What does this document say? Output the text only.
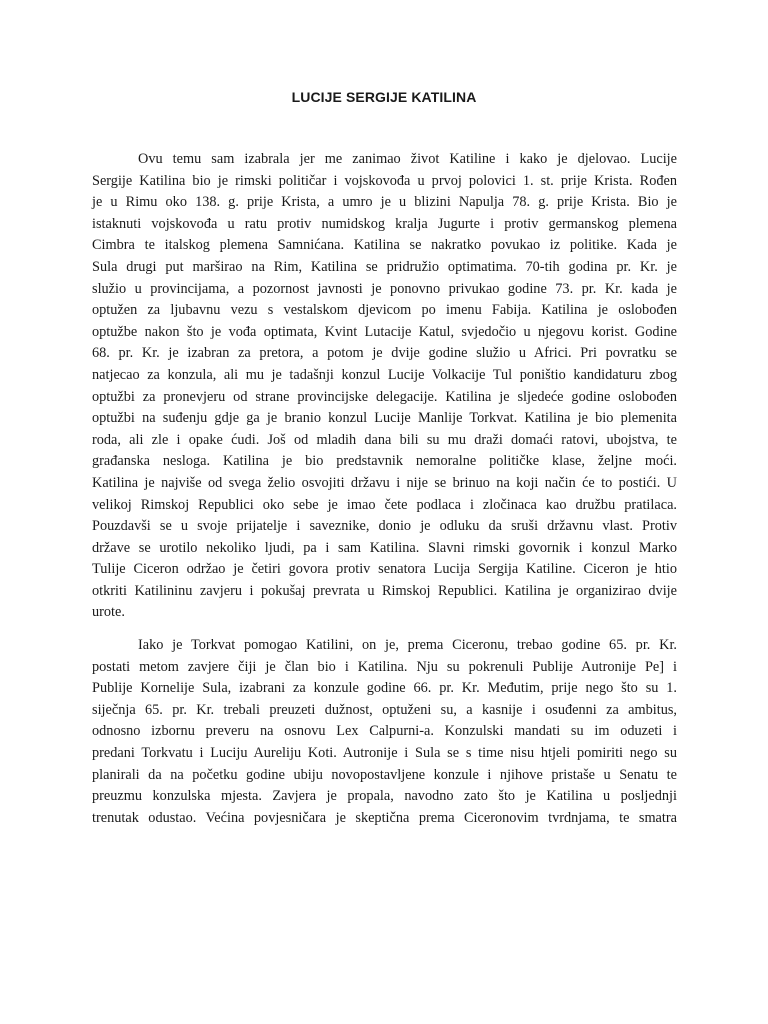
LUCIJE SERGIJE KATILINA
Ovu temu sam izabrala jer me zanimao život Katiline i kako je djelovao. Lucije
Sergije Katilina bio je rimski političar i vojskovođa u prvoj polovici 1. st. prije Krista. Rođen
je u Rimu oko 138. g. prije Krista, a umro je u blizini Napulja 78. g. prije Krista. Bio je
istaknuti vojskovođa u ratu protiv numidskog kralja Jugurte i protiv germanskog plemena
Cimbra te italskog plemena Samnićana. Katilina se nakratko povukao iz politike. Kada je
Sula drugi put marširao na Rim, Katilina se pridružio optimatima. 70-tih godina pr. Kr. je
služio u provincijama, a pozornost javnosti je ponovno privukao godine 73. pr. Kr. kada je
optužen za ljubavnu vezu s vestalskom djevicom po imenu Fabija. Katilina je oslobođen
optužbe nakon što je vođa optimata, Kvint Lutacije Katul, svjedočio u njegovu korist. Godine
68. pr. Kr. je izabran za pretora, a potom je dvije godine služio u Africi. Pri povratku se
natjecao za konzula, ali mu je tadašnji konzul Lucije Volkacije Tul poništio kandidaturu zbog
optužbi za pronevjeru od strane provincijske delegacije. Katilina je sljedeće godine oslobođen
optužbi na suđenju gdje ga je branio konzul Lucije Manlije Torkvat. Katilina je bio plemenita
roda, ali zle i opake ćudi. Još od mladih dana bili su mu draži domaći ratovi, ubojstva, te
građanska nesloga. Katilina je bio predstavnik nemoralne političke klase, željne moći.
Katilina je najviše od svega želio osvojiti državu i nije se brinuo na koji način će to postići. U
velikoj Rimskoj Republici oko sebe je imao čete podlaca i zločinaca kao družbu pratilaca.
Pouzdavši se u svoje prijatelje i saveznike, donio je odluku da sruši državnu vlast. Protiv
države se urotilo nekoliko ljudi, pa i sam Katilina. Slavni rimski govornik i konzul Marko
Tulije Ciceron održao je četiri govora protiv senatora Lucija Sergija Katiline. Ciceron je htio
otkriti Katilininu zavjeru i pokušaj prevrata u Rimskoj Republici. Katilina je organizirao dvije
urote.
Iako je Torkvat pomogao Katilini, on je, prema Ciceronu, trebao godine 65. pr. Kr.
postati metom zavjere čiji je član bio i Katilina. Nju su pokrenuli Publije Autronije Pe] i
Publije Kornelije Sula, izabrani za konzule godine 66. pr. Kr. Međutim, prije nego što su 1.
siječnja 65. pr. Kr. trebali preuzeti dužnost, optuženi su, a kasnije i osuđenni za ambitus,
odnosno izbornu preveru na osnovu Lex Calpurni-a. Konzulski mandati su im oduzeti i
predani Torkvatu i Luciju Aureliju Koti. Autronije i Sula se s time nisu htjeli pomiriti nego su
planirali da na početku godine ubiju novopostavljene konzule i njihove pristaše u Senatu te
preuzmu konzulska mjesta. Zavjera je propala, navodno zato što je Katilina u posljednji
trenutak odustao. Većina povjesničara je skeptična prema Ciceronovim tvrdnjama, te smatra
